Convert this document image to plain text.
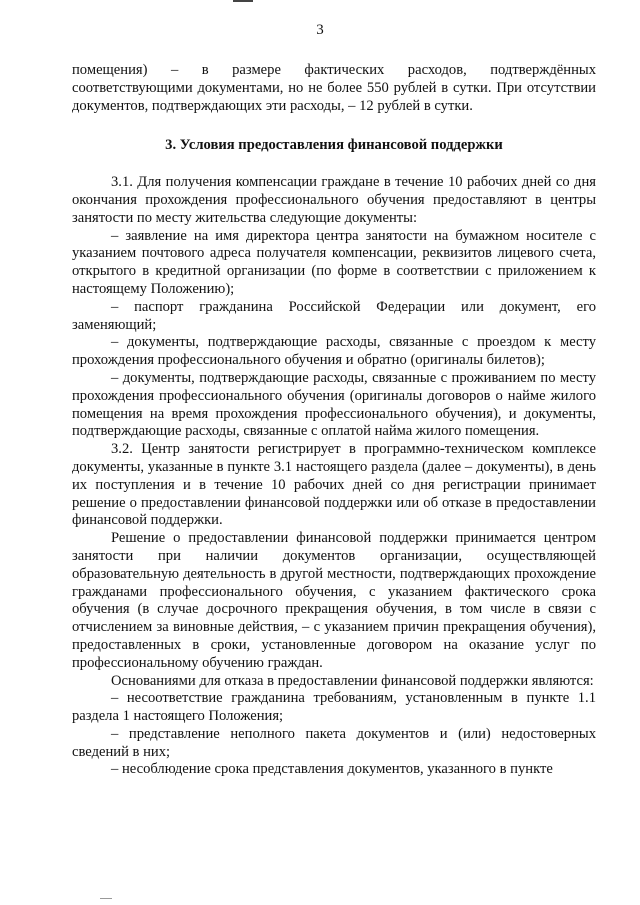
3

помещения) – в размере фактических расходов, подтверждённых соответствующими документами, но не более 550 рублей в сутки. При отсутствии документов, подтверждающих эти расходы, – 12 рублей в сутки.

3. Условия предоставления финансовой поддержки

3.1. Для получения компенсации граждане в течение 10 рабочих дней со дня окончания прохождения профессионального обучения предоставляют в центры занятости по месту жительства следующие документы:

– заявление на имя директора центра занятости на бумажном носителе с указанием почтового адреса получателя компенсации, реквизитов лицевого счета, открытого в кредитной организации (по форме в соответствии с приложением к настоящему Положению);

– паспорт гражданина Российской Федерации или документ, его заменяющий;

– документы, подтверждающие расходы, связанные с проездом к месту прохождения профессионального обучения и обратно (оригиналы билетов);

– документы, подтверждающие расходы, связанные с проживанием по месту прохождения профессионального обучения (оригиналы договоров о найме жилого помещения на время прохождения профессионального обучения), и документы, подтверждающие расходы, связанные с оплатой найма жилого помещения.

3.2. Центр занятости регистрирует в программно-техническом комплексе документы, указанные в пункте 3.1 настоящего раздела (далее – документы), в день их поступления и в течение 10 рабочих дней со дня регистрации принимает решение о предоставлении финансовой поддержки или об отказе в предоставлении финансовой поддержки.

Решение о предоставлении финансовой поддержки принимается центром занятости при наличии документов организации, осуществляющей образовательную деятельность в другой местности, подтверждающих прохождение гражданами профессионального обучения, с указанием фактического срока обучения (в случае досрочного прекращения обучения, в том числе в связи с отчислением за виновные действия, – с указанием причин прекращения обучения), предоставленных в сроки, установленные договором на оказание услуг по профессиональному обучению граждан.

Основаниями для отказа в предоставлении финансовой поддержки являются:

– несоответствие гражданина требованиям, установленным в пункте 1.1 раздела 1 настоящего Положения;

– представление неполного пакета документов и (или) недостоверных сведений в них;

– несоблюдение срока представления документов, указанного в пункте
